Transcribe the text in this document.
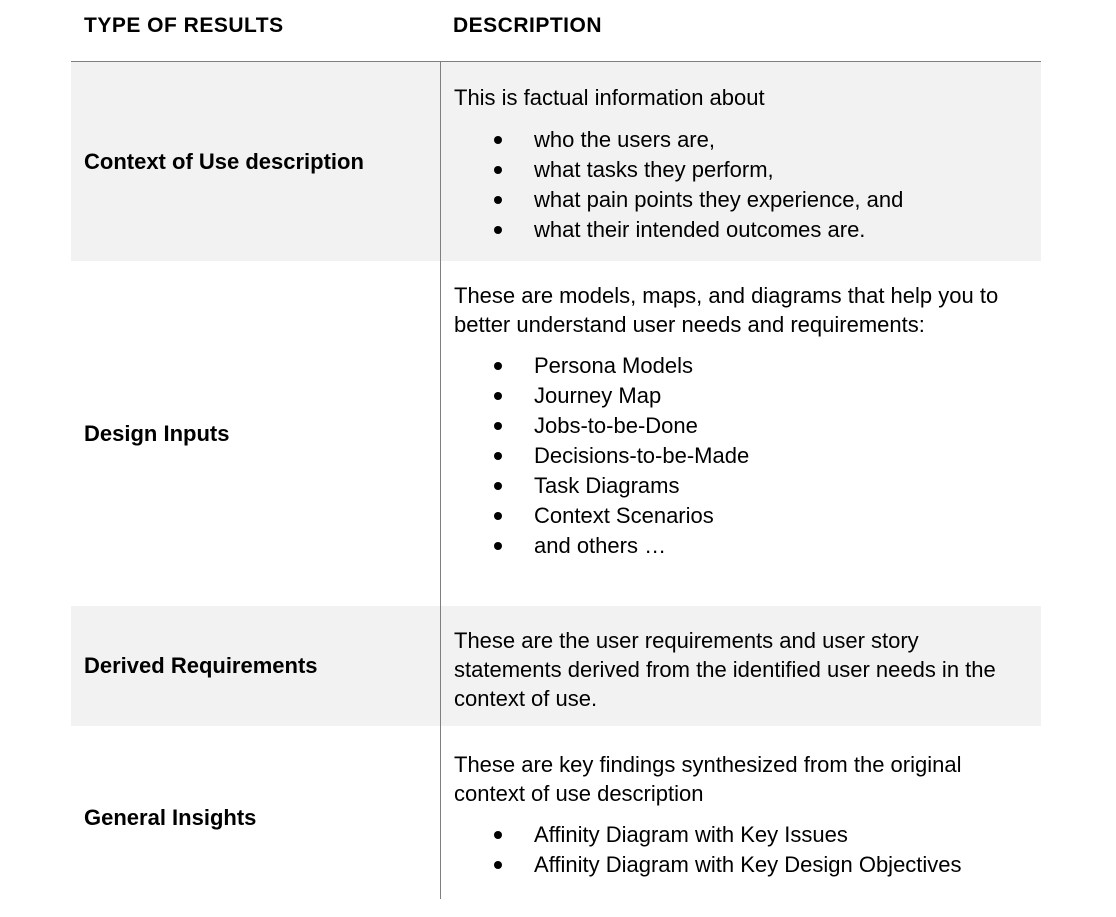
TYPE OF RESULTS	DESCRIPTION
Context of Use description

This is factual information about

who the users are,
what tasks they perform,
what pain points they experience, and
what their intended outcomes are.
Design Inputs

These are models, maps, and diagrams that help you to better understand user needs and requirements:

Persona Models
Journey Map
Jobs-to-be-Done
Decisions-to-be-Made
Task Diagrams
Context Scenarios
and others …
Derived Requirements

These are the user requirements and user story statements derived from the identified user needs in the context of use.

General Insights

These are key findings synthesized from the original context of use description

Affinity Diagram with Key Issues
Affinity Diagram with Key Design Objectives
